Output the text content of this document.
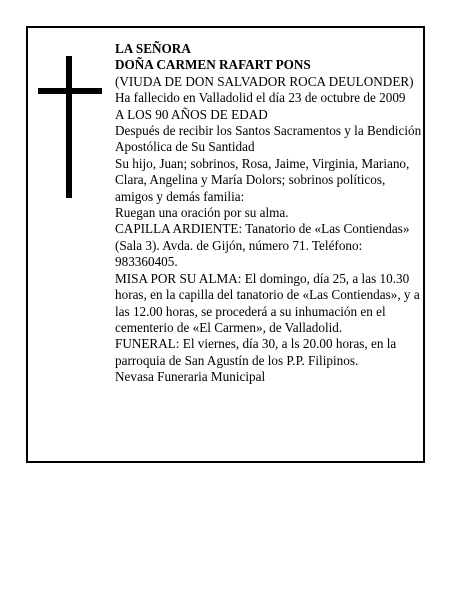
LA SEÑORA

DOÑA CARMEN RAFART PONS

(VIUDA DE DON SALVADOR ROCA DEULONDER)

Ha fallecido en Valladolid el día 23 de octubre de 2009

A LOS 90 AÑOS DE EDAD

Después de recibir los Santos Sacramentos y la Bendición Apostólica de Su Santidad

Su hijo, Juan; sobrinos, Rosa, Jaime, Virginia, Mariano, Clara, Angelina y María Dolors; sobrinos políticos, amigos y demás familia:

Ruegan una oración por su alma.

CAPILLA ARDIENTE: Tanatorio de «Las Contiendas» (Sala 3). Avda. de Gijón, número 71. Teléfono: 983360405.

MISA POR SU ALMA: El domingo, día 25, a las 10.30 horas, en la capilla del tanatorio de «Las Contiendas», y a las 12.00 horas, se procederá a su inhumación en el cementerio de «El Carmen», de Valladolid.

FUNERAL: El viernes, día 30, a ls 20.00 horas, en la parroquia de San Agustín de los P.P. Filipinos.

Nevasa Funeraria Municipal
